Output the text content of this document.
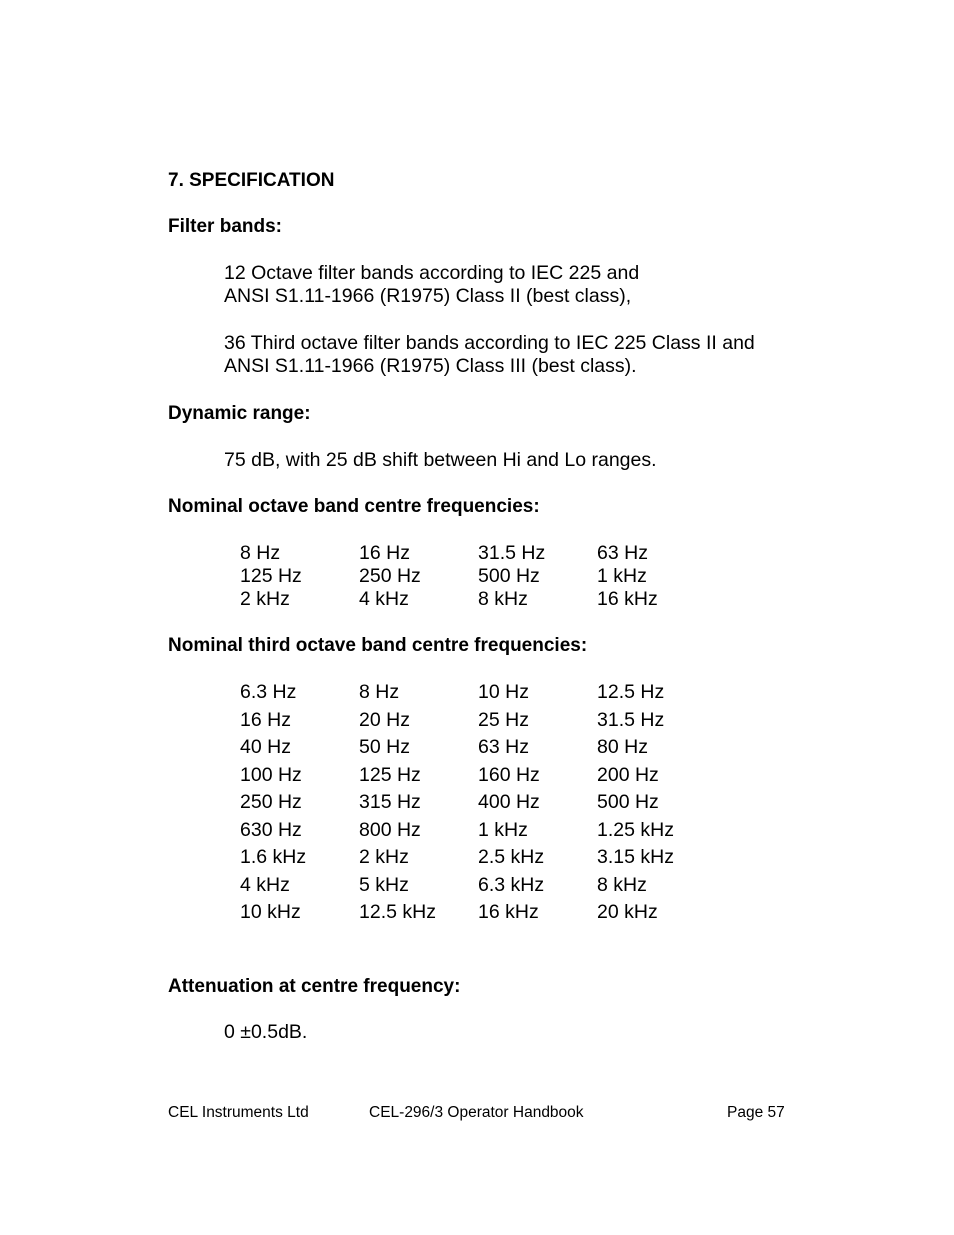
7. SPECIFICATION
Filter bands:
12 Octave filter bands according to IEC 225 and
ANSI S1.11-1966 (R1975) Class II (best class),
36 Third octave filter bands according to IEC 225 Class II and
ANSI S1.11-1966 (R1975) Class III (best class).
Dynamic range:
75 dB, with 25 dB shift between Hi and Lo ranges.
Nominal octave band centre frequencies:
8 Hz	16 Hz	31.5 Hz	63 Hz
125 Hz	250 Hz	500 Hz	1 kHz
2 kHz	4 kHz	8 kHz	16 kHz
Nominal third octave band centre frequencies:
6.3 Hz	8 Hz	10 Hz	12.5 Hz
16 Hz	20 Hz	25 Hz	31.5 Hz
40 Hz	50 Hz	63 Hz	80 Hz
100 Hz	125 Hz	160 Hz	200 Hz
250 Hz	315 Hz	400 Hz	500 Hz
630 Hz	800 Hz	1 kHz	1.25 kHz
1.6 kHz	2 kHz	2.5 kHz	3.15 kHz
4 kHz	5 kHz	6.3 kHz	8 kHz
10 kHz	12.5 kHz 16 kHz	20 kHz
Attenuation at centre frequency:
0 ±0.5dB.
CEL Instruments Ltd	CEL-296/3 Operator Handbook	Page 57
